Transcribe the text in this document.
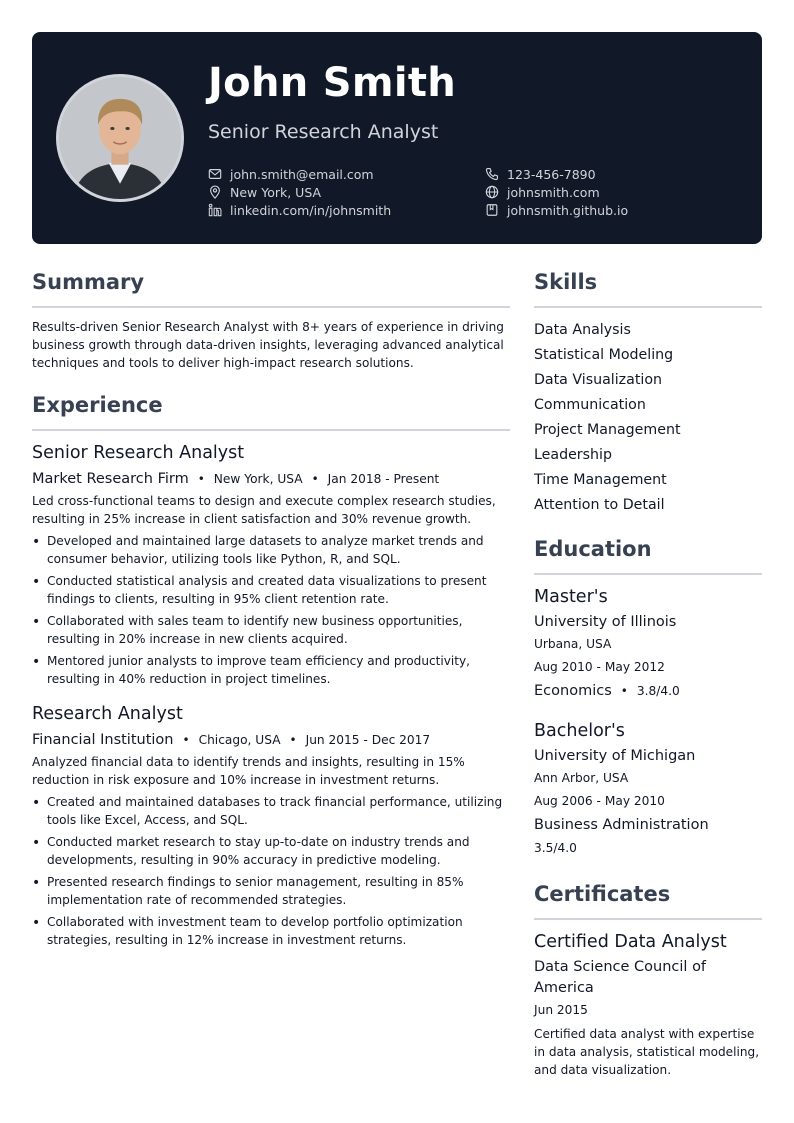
John Smith
Senior Research Analyst
john.smith@email.com
New York, USA
linkedin.com/in/johnsmith
123-456-7890
johnsmith.com
johnsmith.github.io
Summary

Results-driven Senior Research Analyst with 8+ years of experience in driving business growth through data-driven insights, leveraging advanced analytical techniques and tools to deliver high-impact research solutions.

Experience
Senior Research Analyst
Market Research Firm • New York, USA • Jan 2018 - Present

Led cross-functional teams to design and execute complex research studies, resulting in 25% increase in client satisfaction and 30% revenue growth.

• Developed and maintained large datasets to analyze market trends and consumer behavior, utilizing tools like Python, R, and SQL.
• Conducted statistical analysis and created data visualizations to present findings to clients, resulting in 95% client retention rate.
• Collaborated with sales team to identify new business opportunities, resulting in 20% increase in new clients acquired.
• Mentored junior analysts to improve team efficiency and productivity, resulting in 40% reduction in project timelines.
Research Analyst
Financial Institution • Chicago, USA • Jun 2015 - Dec 2017

Analyzed financial data to identify trends and insights, resulting in 15% reduction in risk exposure and 10% increase in investment returns.

• Created and maintained databases to track financial performance, utilizing tools like Excel, Access, and SQL.
• Conducted market research to stay up-to-date on industry trends and developments, resulting in 90% accuracy in predictive modeling.
• Presented research findings to senior management, resulting in 85% implementation rate of recommended strategies.
• Collaborated with investment team to develop portfolio optimization strategies, resulting in 12% increase in investment returns.
Skills
Data Analysis
Statistical Modeling
Data Visualization
Communication
Project Management
Leadership
Time Management
Attention to Detail
Education
Master's
University of Illinois
Urbana, USA
Aug 2010 - May 2012
Economics • 3.8/4.0
Bachelor's
University of Michigan
Ann Arbor, USA
Aug 2006 - May 2010
Business Administration
3.5/4.0
Certificates
Certified Data Analyst
Data Science Council of America
Jun 2015

Certified data analyst with expertise in data analysis, statistical modeling, and data visualization.
